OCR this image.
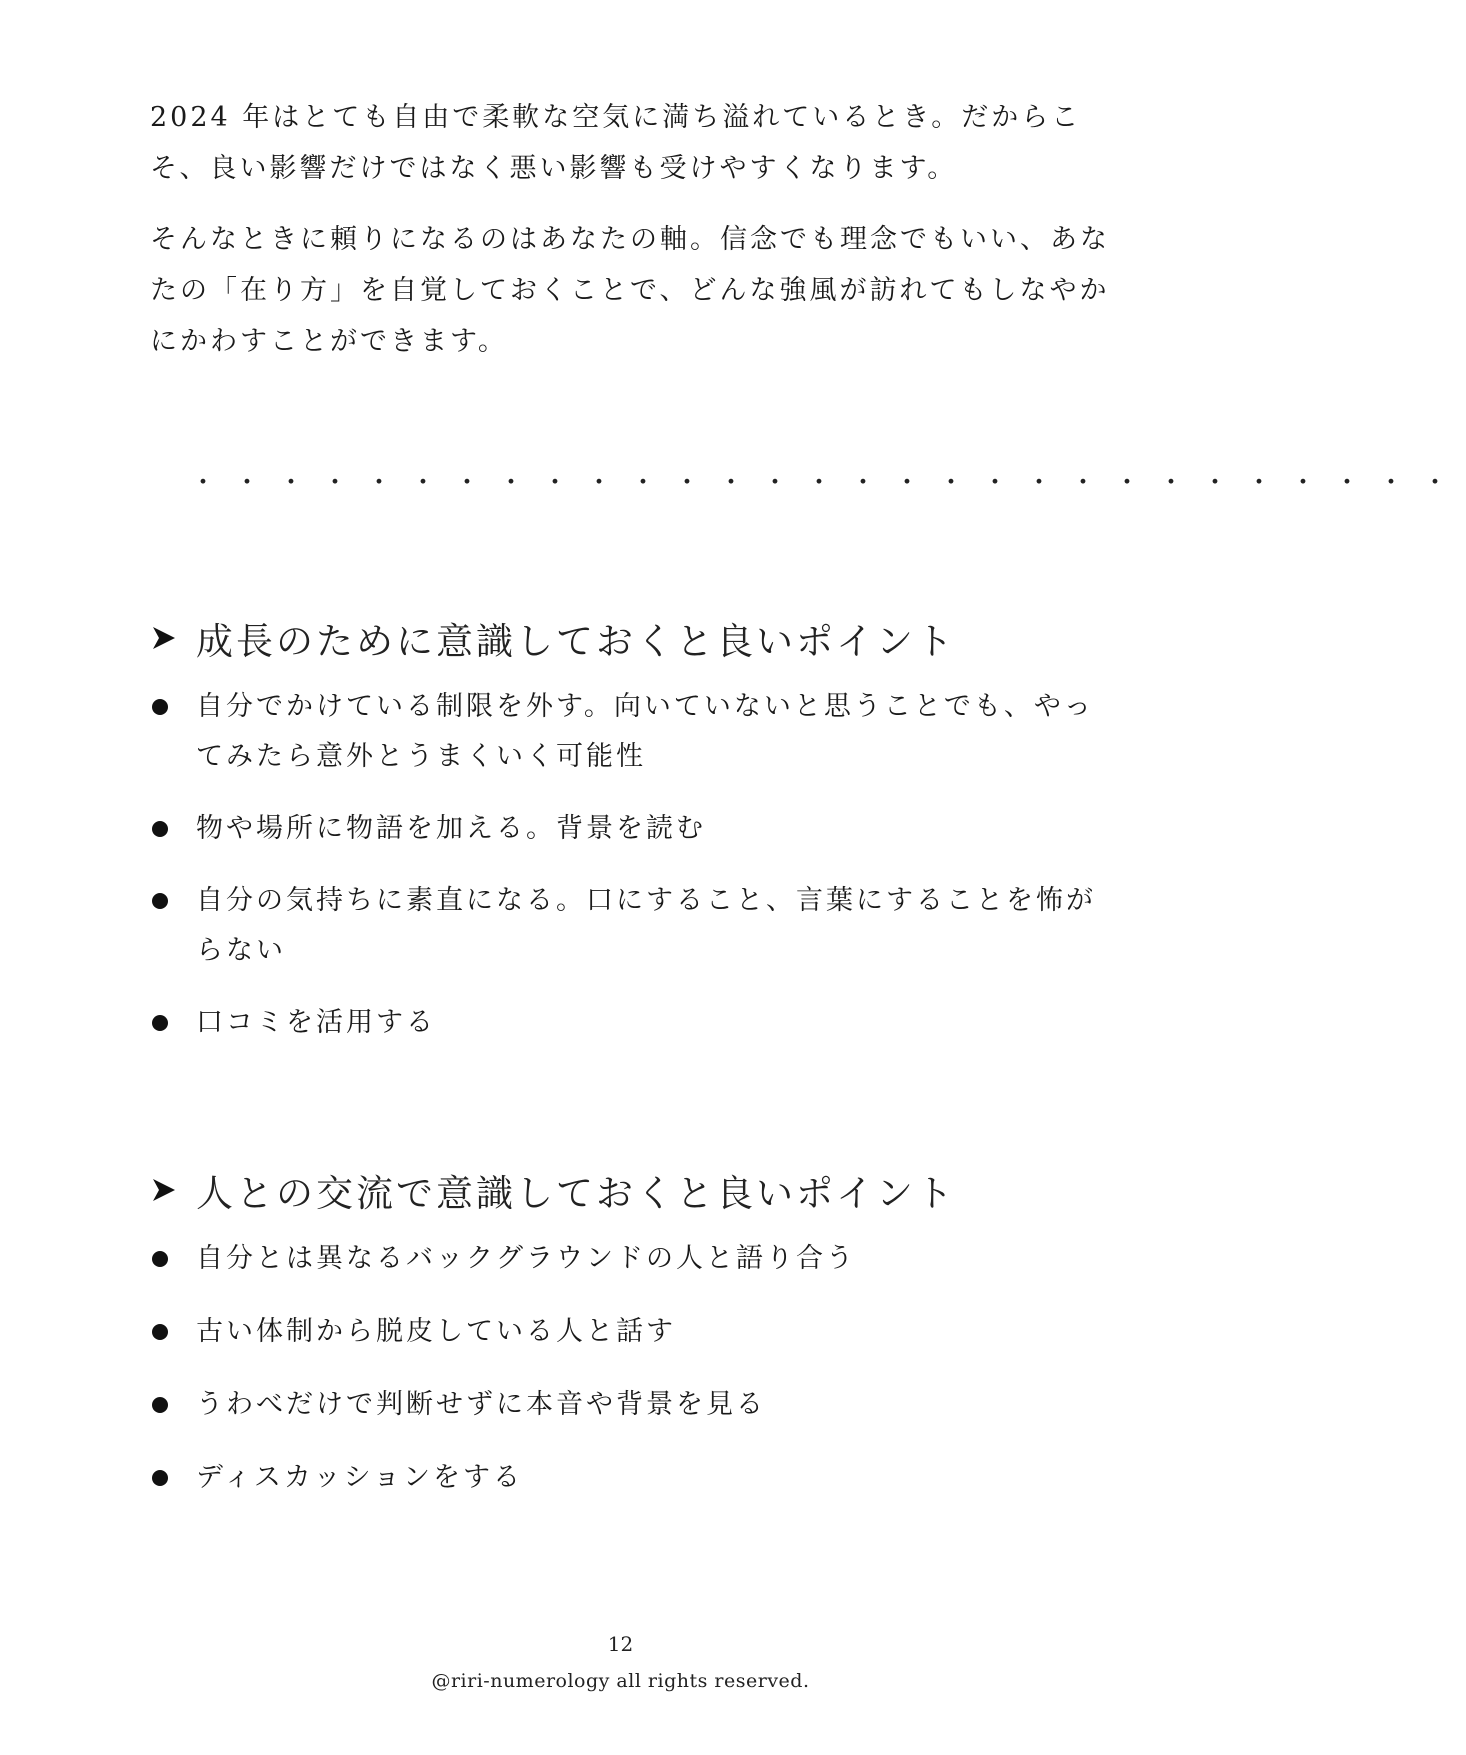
2024 年はとても自由で柔軟な空気に満ち溢れているとき。だからこ
そ、良い影響だけではなく悪い影響も受けやすくなります。

そんなときに頼りになるのはあなたの軸。信念でも理念でもいい、あな
たの「在り方」を自覚しておくことで、どんな強風が訪れてもしなやか
にかわすことができます。

・・・・・・・・・・・・・・・・・・・・・・・・・・・・・
成長のために意識しておくと良いポイント
自分でかけている制限を外す。向いていないと思うことでも、やっ
てみたら意外とうまくいく可能性
物や場所に物語を加える。背景を読む
自分の気持ちに素直になる。口にすること、言葉にすることを怖が
らない
口コミを活用する
人との交流で意識しておくと良いポイント
自分とは異なるバックグラウンドの人と語り合う
古い体制から脱皮している人と話す
うわべだけで判断せずに本音や背景を見る
ディスカッションをする
12
@riri-numerology all rights reserved.
